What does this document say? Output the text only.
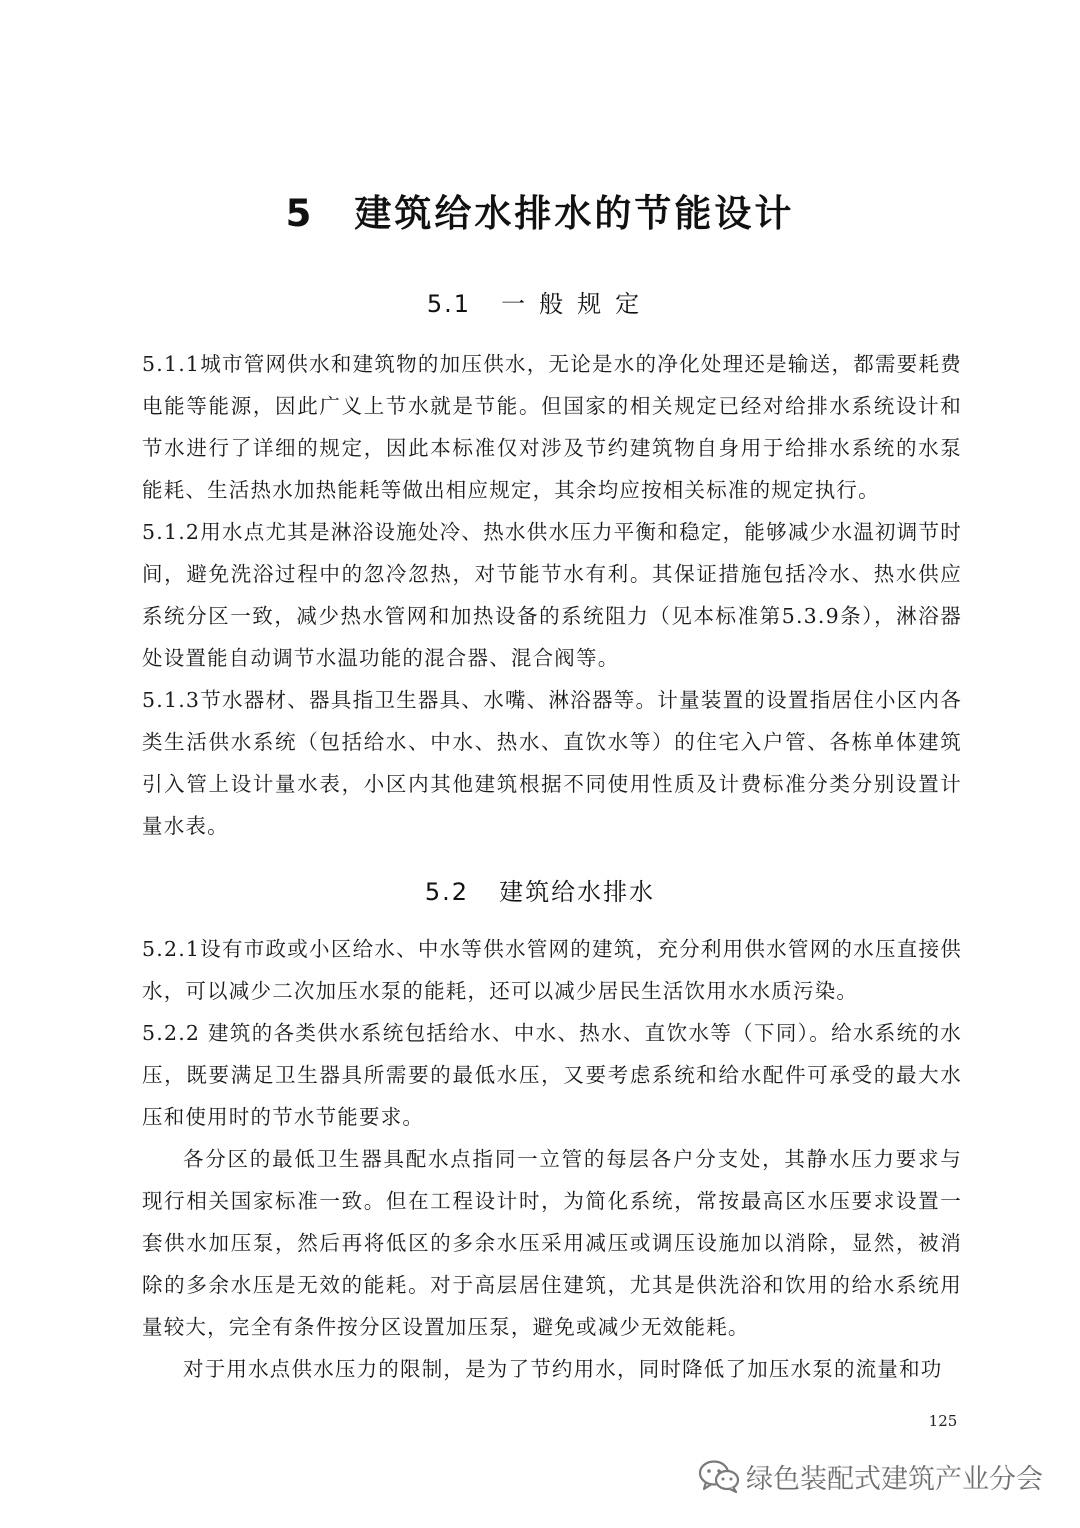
5 建筑给水排水的节能设计
5.1 一般规定

5.1.1城市管网供水和建筑物的加压供水，无论是水的净化处理还是输送，都需要耗费电能等能源，因此广义上节水就是节能。但国家的相关规定已经对给排水系统设计和节水进行了详细的规定，因此本标准仅对涉及节约建筑物自身用于给排水系统的水泵能耗、生活热水加热能耗等做出相应规定，其余均应按相关标准的规定执行。

5.1.2用水点尤其是淋浴设施处冷、热水供水压力平衡和稳定，能够减少水温初调节时间，避免洗浴过程中的忽冷忽热，对节能节水有利。其保证措施包括冷水、热水供应系统分区一致，减少热水管网和加热设备的系统阻力（见本标准第5.3.9条），淋浴器处设置能自动调节水温功能的混合器、混合阀等。

5.1.3节水器材、器具指卫生器具、水嘴、淋浴器等。计量装置的设置指居住小区内各类生活供水系统（包括给水、中水、热水、直饮水等）的住宅入户管、各栋单体建筑引入管上设计量水表，小区内其他建筑根据不同使用性质及计费标准分类分别设置计量水表。

5.2 建筑给水排水

5.2.1设有市政或小区给水、中水等供水管网的建筑，充分利用供水管网的水压直接供水，可以减少二次加压水泵的能耗，还可以减少居民生活饮用水水质污染。

5.2.2 建筑的各类供水系统包括给水、中水、热水、直饮水等（下同）。给水系统的水压，既要满足卫生器具所需要的最低水压，又要考虑系统和给水配件可承受的最大水压和使用时的节水节能要求。

各分区的最低卫生器具配水点指同一立管的每层各户分支处，其静水压力要求与现行相关国家标准一致。但在工程设计时，为简化系统，常按最高区水压要求设置一套供水加压泵，然后再将低区的多余水压采用减压或调压设施加以消除，显然，被消除的多余水压是无效的能耗。对于高层居住建筑，尤其是供洗浴和饮用的给水系统用量较大，完全有条件按分区设置加压泵，避免或减少无效能耗。

对于用水点供水压力的限制，是为了节约用水，同时降低了加压水泵的流量和功

125
绿色装配式建筑产业分会
